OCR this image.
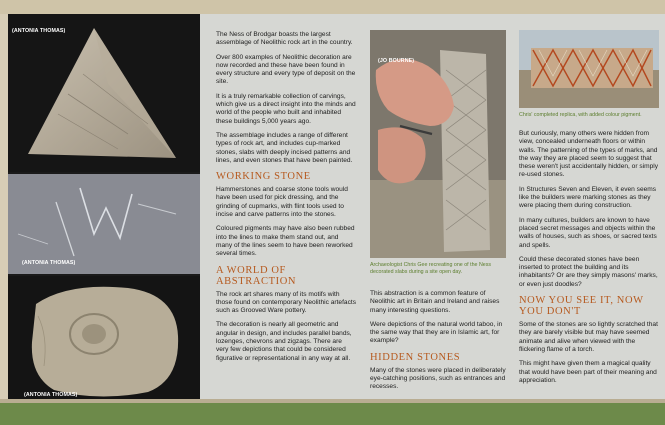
(ANTONIA THOMAS)
(ANTONIA THOMAS)
(ANTONIA THOMAS)

The Ness of Brodgar boasts the largest assemblage of Neolithic rock art in the country.

Over 800 examples of Neolithic decoration are now recorded and these have been found in every structure and every type of deposit on the site.

It is a truly remarkable collection of carvings, which give us a direct insight into the minds and world of the people who built and inhabited these buildings 5,000 years ago.

The assemblage includes a range of different types of rock art, and includes cup-marked stones, slabs with deeply incised patterns and lines, and even stones that have been painted.

WORKING STONE

Hammerstones and coarse stone tools would have been used for pick dressing, and the grinding of cupmarks, with flint tools used to incise and carve patterns into the stones.

Coloured pigments may have also been rubbed into the lines to make them stand out, and many of the lines seem to have been reworked several times.

A WORLD OF ABSTRACTION

The rock art shares many of its motifs with those found on contemporary Neolithic artefacts such as Grooved Ware pottery.

The decoration is nearly all geometric and angular in design, and includes parallel bands, lozenges, chevrons and zigzags. There are very few depictions that could be considered figurative or representational in any way at all.

(JO BOURNE)
Archaeologist Chris Gee recreating one of the Ness decorated slabs during a site open day.

This abstraction is a common feature of Neolithic art in Britain and Ireland and raises many interesting questions.

Were depictions of the natural world taboo, in the same way that they are in Islamic art, for example?

HIDDEN STONES

Many of the stones were placed in deliberately eye-catching positions, such as entrances and recesses.

Chris' completed replica, with added colour pigment.

But curiously, many others were hidden from view, concealed underneath floors or within walls. The patterning of the types of marks, and the way they are placed seem to suggest that these weren't just accidentally hidden, or simply re-used stones.

In Structures Seven and Eleven, it even seems like the builders were marking stones as they were placing them during construction.

In many cultures, builders are known to have placed secret messages and objects within the walls of houses, such as shoes, or sacred texts and spells.

Could these decorated stones have been inserted to protect the building and its inhabitants? Or are they simply masons' marks, or even just doodles?

NOW YOU SEE IT, NOW YOU DON'T

Some of the stones are so lightly scratched that they are barely visible but may have seemed animate and alive when viewed with the flickering flame of a torch.

This might have given them a magical quality that would have been part of their meaning and appreciation.
